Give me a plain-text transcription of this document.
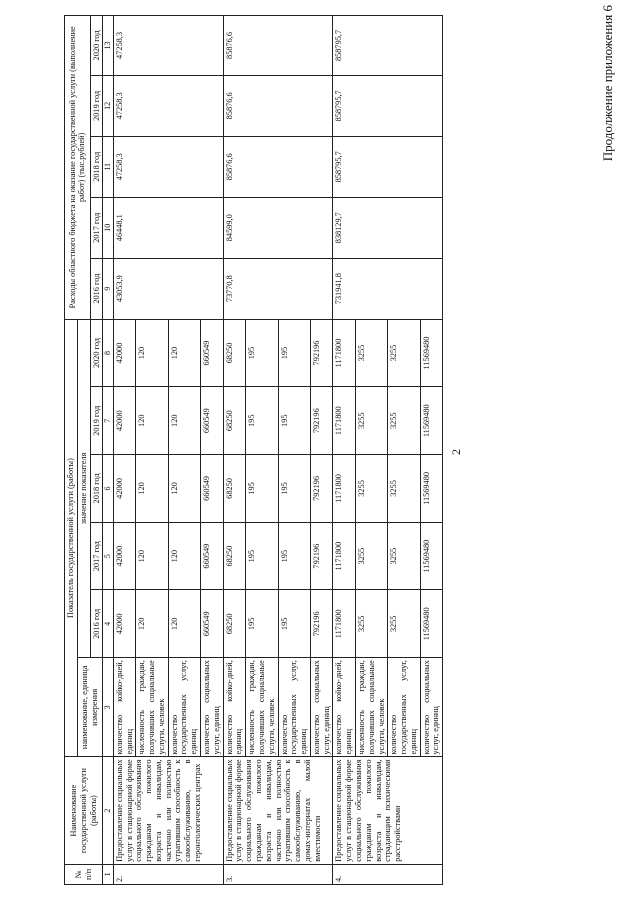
2
Продолжение приложения 6
№ п/п	Наименование государственной услуги (работы)	Показатель государственной услуги (работы)						Расходы областного бюджета на оказание государственной услуги (выполнение работ) (тыс.рублей)				
		наименование, единица измерения	значение показателя									
			2016 год	2017 год	2018 год	2019 год	2020 год	2016 год	2017 год	2018 год	2019 год	2020 год
1	2	3	4	5	6	7	8	9	10	11	12	13
2.	Предоставление социальных услуг в стационарной форме социального обслуживания гражданам пожилого возраста и инвалидам, частично или полностью утратившим способность к самообслуживанию, в геронтологических центрах	количество койко-дней, единиц	42000	42000	42000	42000	42000	43053,9	46448,1	47258,3	47258,3	47258,3
		численность граждан, получивших социальные услуги, человек	120	120	120	120	120					
		количество государственных услуг, единиц	120	120	120	120	120					
		количество социальных услуг, единиц	660549	660549	660549	660549	660549					
3.	Предоставление социальных услуг в стационарной форме социального обслуживания гражданам пожилого возраста и инвалидам, частично или полностью утратившим способность к самообслуживанию, в домах-интернатах малой вместимости	количество койко-дней, единиц	68250	68250	68250	68250	68250	73770,8	84599,0	85876,6	85876,6	85876,6
		численность граждан, получивших социальные услуги, человек	195	195	195	195	195					
		количество государственных услуг, единиц	195	195	195	195	195					
		количество социальных услуг, единиц	792196	792196	792196	792196	792196					
4.	Предоставление социальных услуг в стационарной форме социального обслуживания гражданам пожилого возраста и инвалидам, страдающим психическими расстройствами	количество койко-дней, единиц	1171800	1171800	1171800	1171800	1171800	731941,8	838129,7	858795,7	858795,7	858795,7
		численность граждан, получивших социальные услуги, человек	3255	3255	3255	3255	3255					
		количество государственных услуг, единиц	3255	3255	3255	3255	3255					
		количество социальных услуг, единиц	11569480	11569480	11569480	11569480	11569480					
